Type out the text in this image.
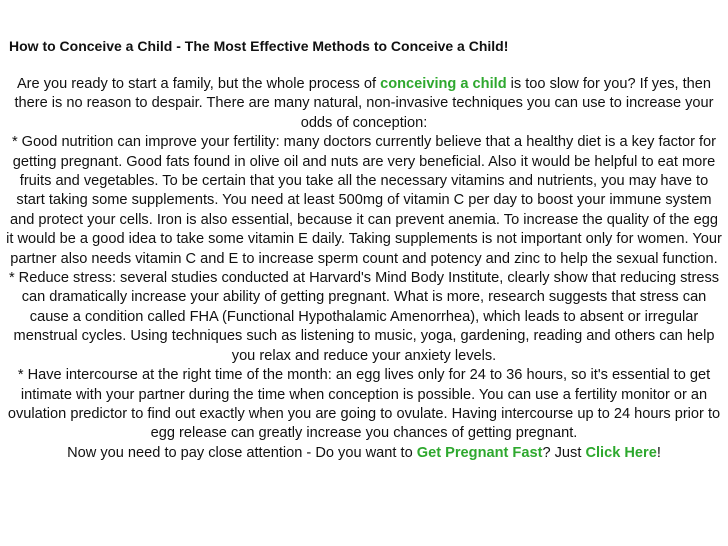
How to Conceive a Child - The Most Effective Methods to Conceive a Child!

Are you ready to start a family, but the whole process of conceiving a child is too slow for you? If yes, then there is no reason to despair. There are many natural, non-invasive techniques you can use to increase your odds of conception:

* Good nutrition can improve your fertility: many doctors currently believe that a healthy diet is a key factor for getting pregnant. Good fats found in olive oil and nuts are very beneficial. Also it would be helpful to eat more fruits and vegetables. To be certain that you take all the necessary vitamins and nutrients, you may have to start taking some supplements. You need at least 500mg of vitamin C per day to boost your immune system and protect your cells. Iron is also essential, because it can prevent anemia. To increase the quality of the egg it would be a good idea to take some vitamin E daily. Taking supplements is not important only for women. Your partner also needs vitamin C and E to increase sperm count and potency and zinc to help the sexual function.

* Reduce stress: several studies conducted at Harvard's Mind Body Institute, clearly show that reducing stress can dramatically increase your ability of getting pregnant. What is more, research suggests that stress can cause a condition called FHA (Functional Hypothalamic Amenorrhea), which leads to absent or irregular menstrual cycles. Using techniques such as listening to music, yoga, gardening, reading and others can help you relax and reduce your anxiety levels.

* Have intercourse at the right time of the month: an egg lives only for 24 to 36 hours, so it's essential to get intimate with your partner during the time when conception is possible. You can use a fertility monitor or an ovulation predictor to find out exactly when you are going to ovulate. Having intercourse up to 24 hours prior to egg release can greatly increase you chances of getting pregnant.

Now you need to pay close attention - Do you want to Get Pregnant Fast? Just Click Here!
